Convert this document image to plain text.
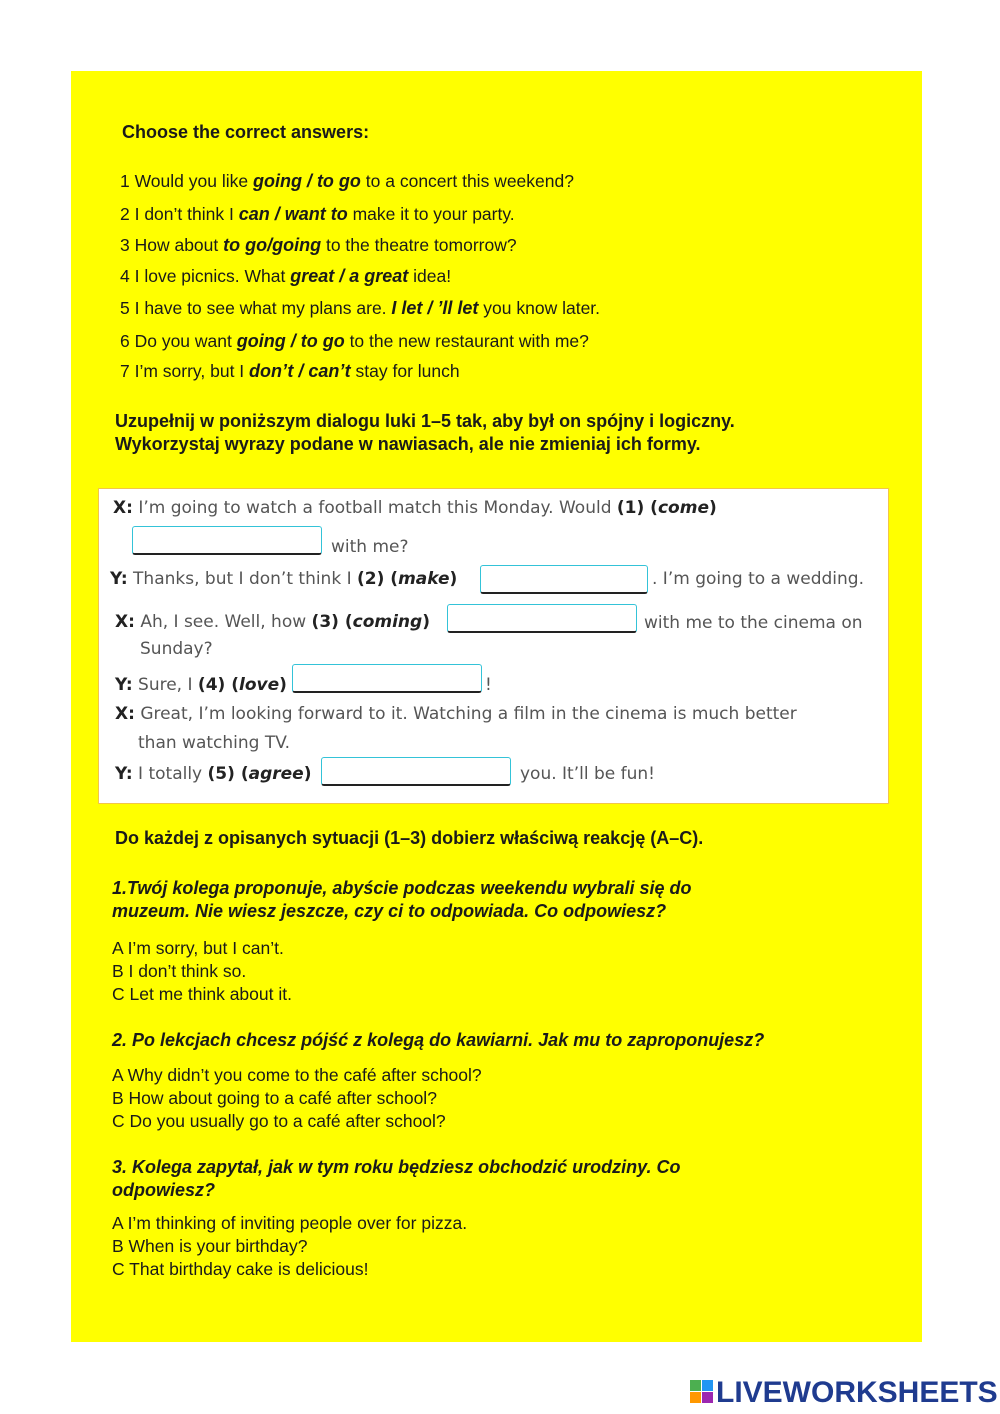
Choose the correct answers:
1 Would you like going / to go to a concert this weekend?
2 I don’t think I can / want to make it to your party.
3 How about to go/going to the theatre tomorrow?
4 I love picnics. What great / a great idea!
5 I have to see what my plans are. I let / ’ll let you know later.
6 Do you want going / to go to the new restaurant with me?
7 I’m sorry, but I don’t / can’t stay for lunch
Uzupełnij w poniższym dialogu luki 1–5 tak, aby był on spójny i logiczny.
Wykorzystaj wyrazy podane w nawiasach, ale nie zmieniaj ich formy.
X: I’m going to watch a football match this Monday. Would (1) (come)
with me?
Y: Thanks, but I don’t think I (2) (make)	. I’m going to a wedding.
X: Ah, I see. Well, how (3) (coming)	with me to the cinema on
Sunday?
Y: Sure, I (4) (love)	!
X: Great, I’m looking forward to it. Watching a film in the cinema is much better
than watching TV.
Y: I totally (5) (agree)	you. It’ll be fun!
Do każdej z opisanych sytuacji (1–3) dobierz właściwą reakcję (A–C).
1.Twój kolega proponuje, abyście podczas weekendu wybrali się do
muzeum. Nie wiesz jeszcze, czy ci to odpowiada. Co odpowiesz?
A I’m sorry, but I can’t.
B I don’t think so.
C Let me think about it.
2. Po lekcjach chcesz pójść z kolegą do kawiarni. Jak mu to zaproponujesz?
A Why didn’t you come to the café after school?
B How about going to a café after school?
C Do you usually go to a café after school?
3. Kolega zapytał, jak w tym roku będziesz obchodzić urodziny. Co
odpowiesz?
A I’m thinking of inviting people over for pizza.
B When is your birthday?
C That birthday cake is delicious!
LIVEWORKSHEETS
